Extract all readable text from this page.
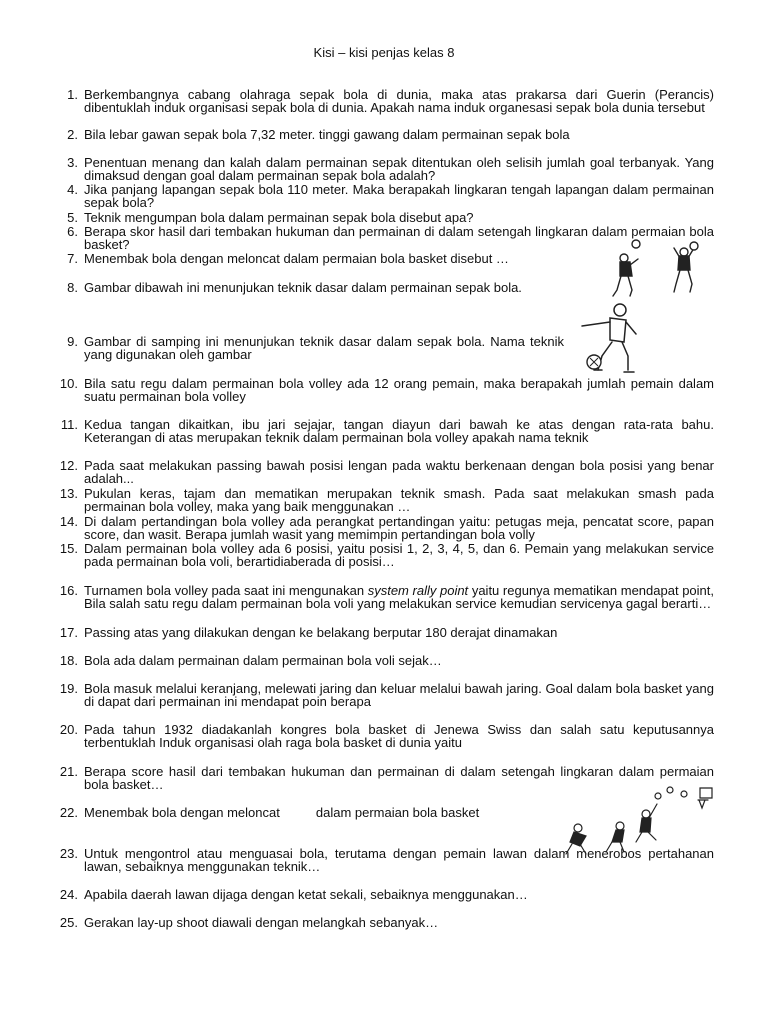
Kisi – kisi penjas kelas 8
1. Berkembangnya cabang olahraga sepak bola di dunia, maka atas prakarsa dari Guerin (Perancis) dibentuklah induk organisasi sepak bola di dunia. Apakah nama induk organesasi sepak bola dunia tersebut
2. Bila lebar gawan sepak bola 7,32 meter. tinggi gawang dalam permainan sepak bola
3. Penentuan menang dan kalah dalam permainan sepak ditentukan oleh selisih jumlah goal terbanyak. Yang dimaksud dengan goal dalam permainan sepak bola adalah?
4. Jika panjang lapangan sepak bola 110 meter. Maka berapakah lingkaran tengah lapangan dalam permainan sepak bola?
5. Teknik mengumpan bola dalam permainan sepak bola disebut apa?
6. Berapa skor hasil dari tembakan hukuman dan permainan di dalam setengah lingkaran dalam permaian bola basket?
7. Menembak bola dengan meloncat dalam permaian bola basket disebut …
8. Gambar dibawah ini menunjukan teknik dasar dalam permainan sepak bola.
9. Gambar di samping ini menunjukan teknik dasar dalam sepak bola. Nama teknik yang digunakan oleh gambar
10. Bila satu regu dalam permainan bola volley ada 12 orang pemain, maka berapakah jumlah pemain dalam suatu permainan bola volley
11. Kedua tangan dikaitkan, ibu jari sejajar, tangan diayun dari bawah ke atas dengan rata-rata bahu. Keterangan di atas merupakan teknik dalam permainan bola volley apakah nama teknik
12. Pada saat melakukan passing bawah posisi lengan pada waktu berkenaan dengan bola posisi yang benar adalah...
13. Pukulan keras, tajam dan mematikan merupakan teknik smash. Pada saat melakukan smash pada permainan bola volley, maka yang baik menggunakan …
14. Di dalam pertandingan bola volley ada perangkat pertandingan yaitu: petugas meja, pencatat score, papan score, dan wasit. Berapa jumlah wasit yang memimpin pertandingan bola volly
15. Dalam permainan bola volley ada 6 posisi, yaitu posisi 1, 2, 3, 4, 5, dan 6. Pemain yang melakukan service pada permainan bola voli, berartidiaberada di posisi…
16. Turnamen bola volley pada saat ini mengunakan system rally point yaitu regunya mematikan mendapat point, Bila salah satu regu dalam permainan bola voli yang melakukan service kemudian servicenya gagal berarti…
17. Passing atas yang dilakukan dengan ke belakang berputar 180 derajat dinamakan
18. Bola ada dalam permainan dalam permainan bola voli sejak…
19. Bola masuk melalui keranjang, melewati jaring dan keluar melalui bawah jaring. Goal dalam bola basket yang di dapat dari permainan ini mendapat poin berapa
20. Pada tahun 1932 diadakanlah kongres bola basket di Jenewa Swiss dan salah satu keputusannya terbentuklah Induk organisasi olah raga bola basket di dunia yaitu
21. Berapa score hasil dari tembakan hukuman dan permainan di dalam setengah lingkaran dalam permaian bola basket…
22. Menembak bola dengan meloncat	dalam permaian bola basket
23. Untuk mengontrol atau menguasai bola, terutama dengan pemain lawan dalam menerobos pertahanan lawan, sebaiknya menggunakan teknik…
24. Apabila daerah lawan dijaga dengan ketat sekali, sebaiknya menggunakan…
25. Gerakan lay-up shoot diawali dengan melangkah sebanyak…
